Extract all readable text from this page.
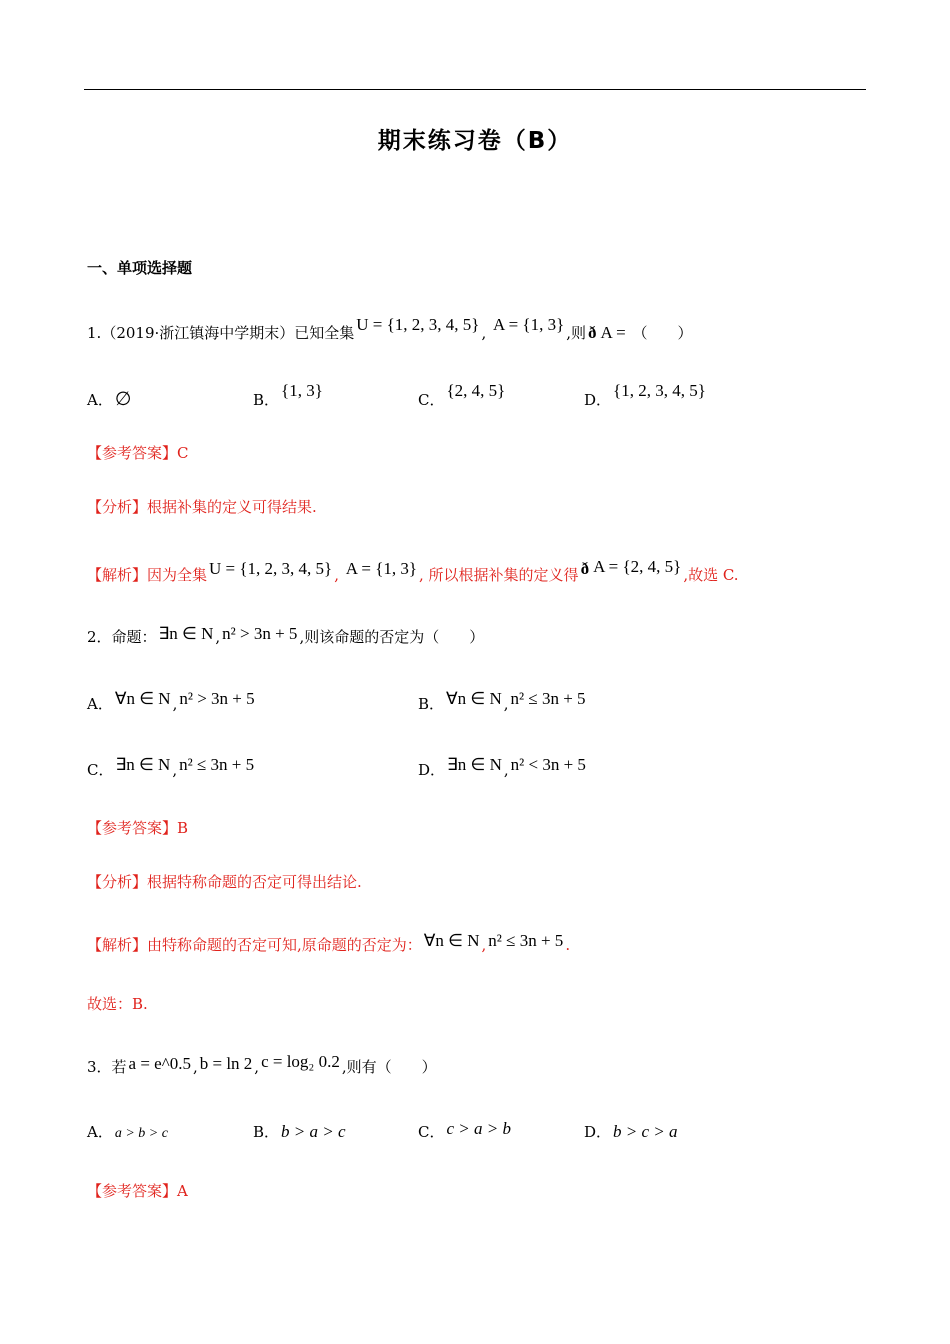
期末练习卷（B）
一、单项选择题
1.（2019·浙江镇海中学期末）已知全集 U = {1, 2, 3, 4, 5} , A = {1, 3} ,则 ð A = （　　）
A． ∅	B． {1, 3}	C． {2, 4, 5}	D． {1, 2, 3, 4, 5}
【参考答案】C
【分析】根据补集的定义可得结果.
【解析】因为全集 U = {1, 2, 3, 4, 5} , A = {1, 3} , 所以根据补集的定义得 ð A = {2, 4, 5} ,故选 C.
2．命题： ∃n ∈ N , n² > 3n + 5 ,则该命题的否定为（　　）
A． ∀n ∈ N , n² > 3n + 5	B． ∀n ∈ N , n² ≤ 3n + 5
C． ∃n ∈ N , n² ≤ 3n + 5	D． ∃n ∈ N , n² < 3n + 5
【参考答案】B
【分析】根据特称命题的否定可得出结论.
【解析】由特称命题的否定可知,原命题的否定为： ∀n ∈ N , n² ≤ 3n + 5 .
故选：B.
3．若 a = e^0.5 , b = ln 2 , c = log₂ 0.2 ,则有（　　）
A． a > b > c	B． b > a > c	C． c > a > b	D． b > c > a
【参考答案】A
